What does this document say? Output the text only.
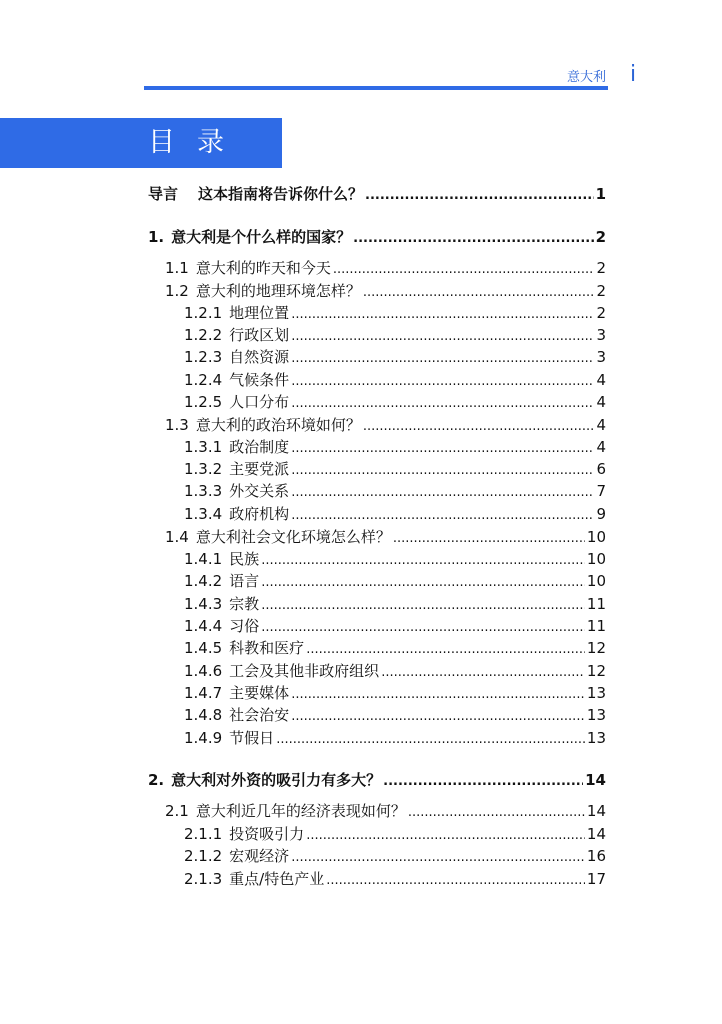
意大利 i
目录
导言 这本指南将告诉你什么？ .....	1
1. 意大利是个什么样的国家？ .....	2
1.1 意大利的昨天和今天 .....	2
1.2 意大利的地理环境怎样？ .....	2
1.2.1 地理位置 .....	2
1.2.2 行政区划 .....	3
1.2.3 自然资源 .....	3
1.2.4 气候条件 .....	4
1.2.5 人口分布 .....	4
1.3 意大利的政治环境如何？ .....	4
1.3.1 政治制度 .....	4
1.3.2 主要党派 .....	6
1.3.3 外交关系 .....	7
1.3.4 政府机构 .....	9
1.4 意大利社会文化环境怎么样？ .....	10
1.4.1 民族 .....	10
1.4.2 语言 .....	10
1.4.3 宗教 .....	11
1.4.4 习俗 .....	11
1.4.5 科教和医疗 .....	12
1.4.6 工会及其他非政府组织 .....	12
1.4.7 主要媒体 .....	13
1.4.8 社会治安 .....	13
1.4.9 节假日 .....	13
2. 意大利对外资的吸引力有多大？ .....	14
2.1 意大利近几年的经济表现如何？ .....	14
2.1.1 投资吸引力 .....	14
2.1.2 宏观经济 .....	16
2.1.3 重点/特色产业 .....	17
